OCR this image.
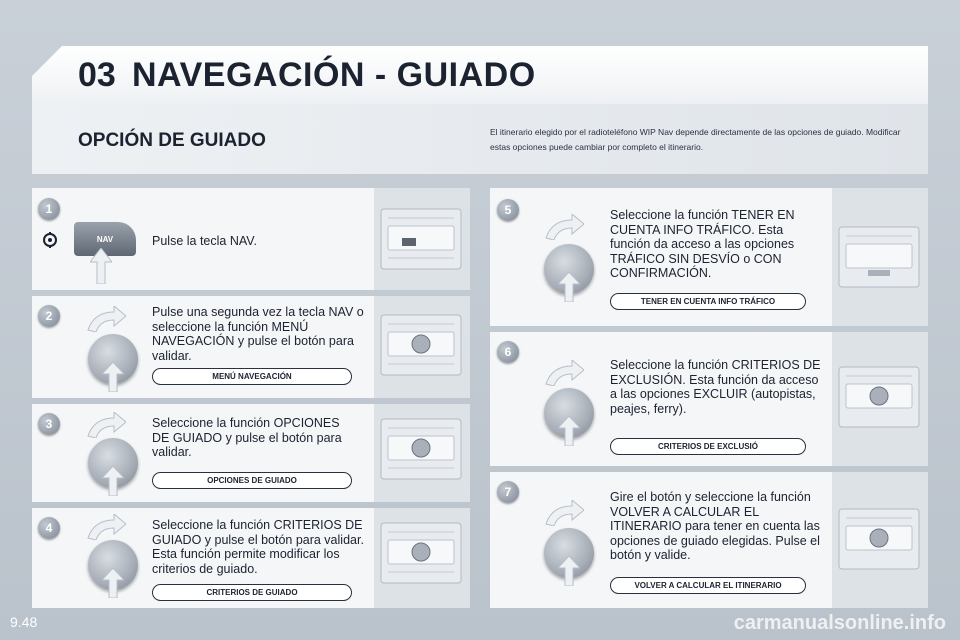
03 NAVEGACIÓN - GUIADO
OPCIÓN DE GUIADO	El itinerario elegido por el radioteléfono WIP Nav depende directamente de las opciones de guiado. Modificar estas opciones puede cambiar por completo el itinerario.
1
NAV	Pulse la tecla NAV.
2	Pulse una segunda vez la tecla NAV o seleccione la función MENÚ NAVEGACIÓN y pulse el botón para validar.
MENÚ NAVEGACIÓN
3	Seleccione la función OPCIONES DE GUIADO y pulse el botón para validar.
OPCIONES DE GUIADO
4	Seleccione la función CRITERIOS DE GUIADO y pulse el botón para validar. Esta función permite modificar los criterios de guiado.
CRITERIOS DE GUIADO
5	Seleccione la función TENER EN CUENTA INFO TRÁFICO. Esta función da acceso a las opciones TRÁFICO SIN DESVÍO o CON CONFIRMACIÓN.
TENER EN CUENTA INFO TRÁFICO
6
Seleccione la función CRITERIOS DE EXCLUSIÓN. Esta función da acceso a las opciones EXCLUIR (autopistas, peajes, ferry).
CRITERIOS DE EXCLUSIÓ
7	Gire el botón y seleccione la función VOLVER A CALCULAR EL ITINERARIO para tener en cuenta las opciones de guiado elegidas. Pulse el botón y valide.
VOLVER A CALCULAR EL ITINERARIO
9.48	carmanualsonline.info
